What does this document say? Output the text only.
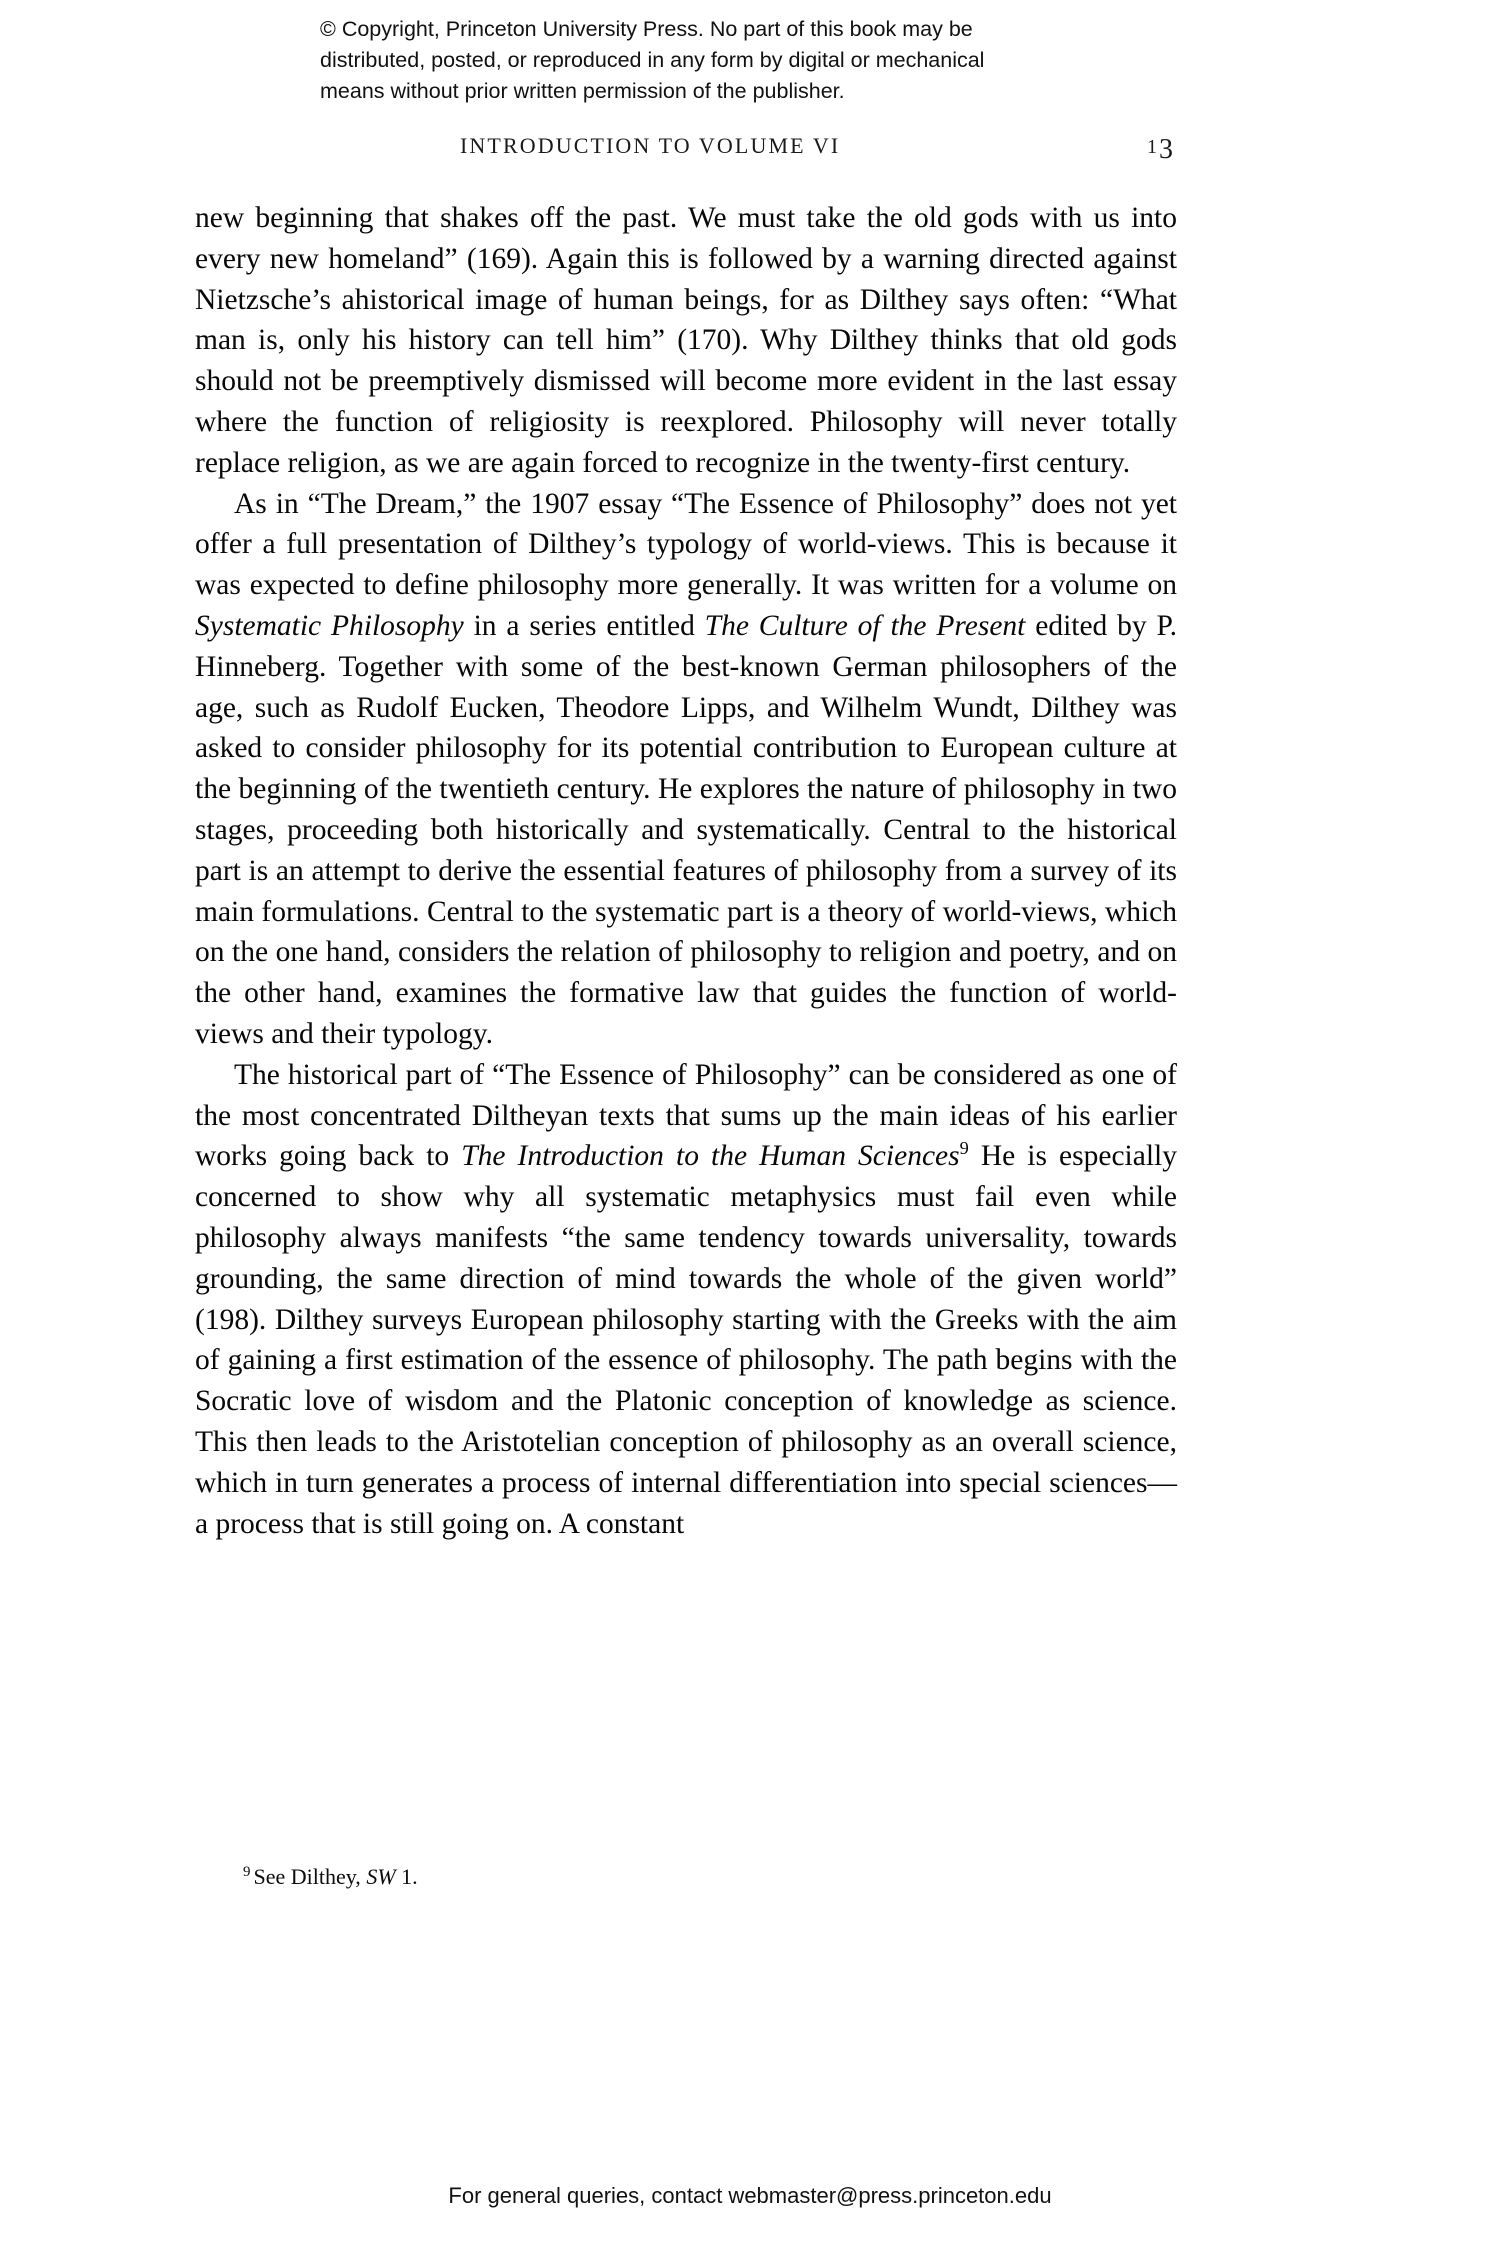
© Copyright, Princeton University Press. No part of this book may be
distributed, posted, or reproduced in any form by digital or mechanical
means without prior written permission of the publisher.
INTRODUCTION TO VOLUME VI	13

new beginning that shakes off the past. We must take the old gods with us into every new homeland” (169). Again this is followed by a warning directed against Nietzsche’s ahistorical image of human beings, for as Dilthey says often: “What man is, only his history can tell him” (170). Why Dilthey thinks that old gods should not be preemptively dismissed will become more evident in the last essay where the function of religiosity is reexplored. Philosophy will never totally replace religion, as we are again forced to recognize in the twenty-first century.

As in “The Dream,” the 1907 essay “The Essence of Philosophy” does not yet offer a full presentation of Dilthey’s typology of world-views. This is because it was expected to define philosophy more generally. It was written for a volume on Systematic Philosophy in a series entitled The Culture of the Present edited by P. Hinneberg. Together with some of the best-known German philosophers of the age, such as Rudolf Eucken, Theodore Lipps, and Wilhelm Wundt, Dilthey was asked to consider philosophy for its potential contribution to European culture at the beginning of the twentieth century. He explores the nature of philosophy in two stages, proceeding both historically and systematically. Central to the historical part is an attempt to derive the essential features of philosophy from a survey of its main formulations. Central to the systematic part is a theory of world-views, which on the one hand, considers the relation of philosophy to religion and poetry, and on the other hand, examines the formative law that guides the function of world-views and their typology.

The historical part of “The Essence of Philosophy” can be considered as one of the most concentrated Diltheyan texts that sums up the main ideas of his earlier works going back to The Introduction to the Human Sciences$^9$ He is especially concerned to show why all systematic metaphysics must fail even while philosophy always manifests “the same tendency towards universality, towards grounding, the same direction of mind towards the whole of the given world” (198). Dilthey surveys European philosophy starting with the Greeks with the aim of gaining a first estimation of the essence of philosophy. The path begins with the Socratic love of wisdom and the Platonic conception of knowledge as science. This then leads to the Aristotelian conception of philosophy as an overall science, which in turn generates a process of internal differentiation into special sciences—a process that is still going on. A constant

$^9$ See Dilthey, SW 1.

For general queries, contact webmaster@press.princeton.edu
